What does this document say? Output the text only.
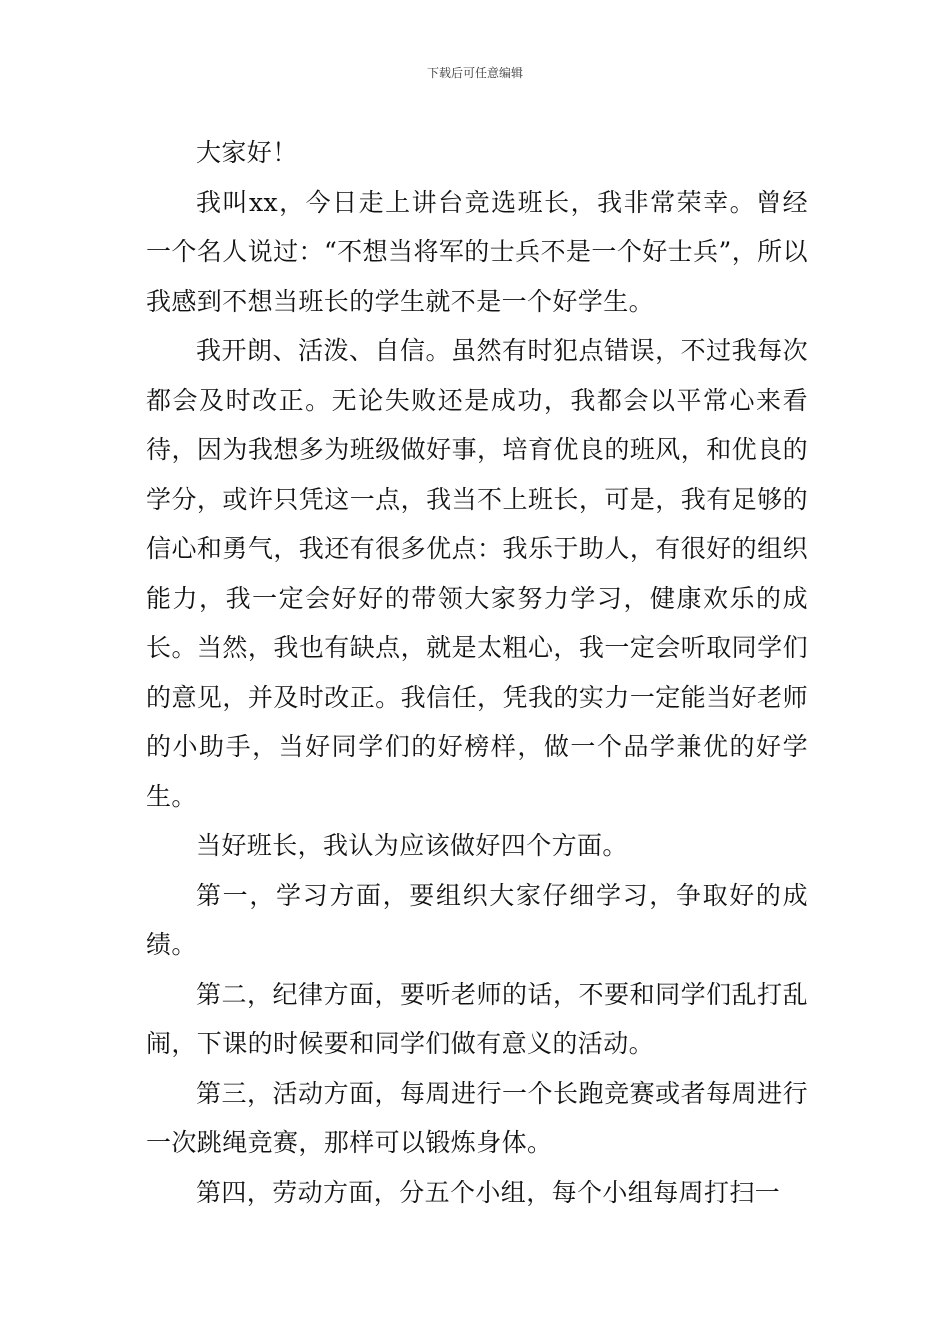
下载后可任意编辑

大家好！

我叫xx，今日走上讲台竞选班长，我非常荣幸。曾经一个名人说过：“不想当将军的士兵不是一个好士兵”，所以我感到不想当班长的学生就不是一个好学生。

我开朗、活泼、自信。虽然有时犯点错误，不过我每次都会及时改正。无论失败还是成功，我都会以平常心来看待，因为我想多为班级做好事，培育优良的班风，和优良的学分，或许只凭这一点，我当不上班长，可是，我有足够的信心和勇气，我还有很多优点：我乐于助人，有很好的组织能力，我一定会好好的带领大家努力学习，健康欢乐的成长。当然，我也有缺点，就是太粗心，我一定会听取同学们的意见，并及时改正。我信任，凭我的实力一定能当好老师的小助手，当好同学们的好榜样，做一个品学兼优的好学生。

当好班长，我认为应该做好四个方面。

第一，学习方面，要组织大家仔细学习，争取好的成绩。

第二，纪律方面，要听老师的话，不要和同学们乱打乱闹，下课的时候要和同学们做有意义的活动。

第三，活动方面，每周进行一个长跑竞赛或者每周进行一次跳绳竞赛，那样可以锻炼身体。

第四，劳动方面，分五个小组，每个小组每周打扫一
